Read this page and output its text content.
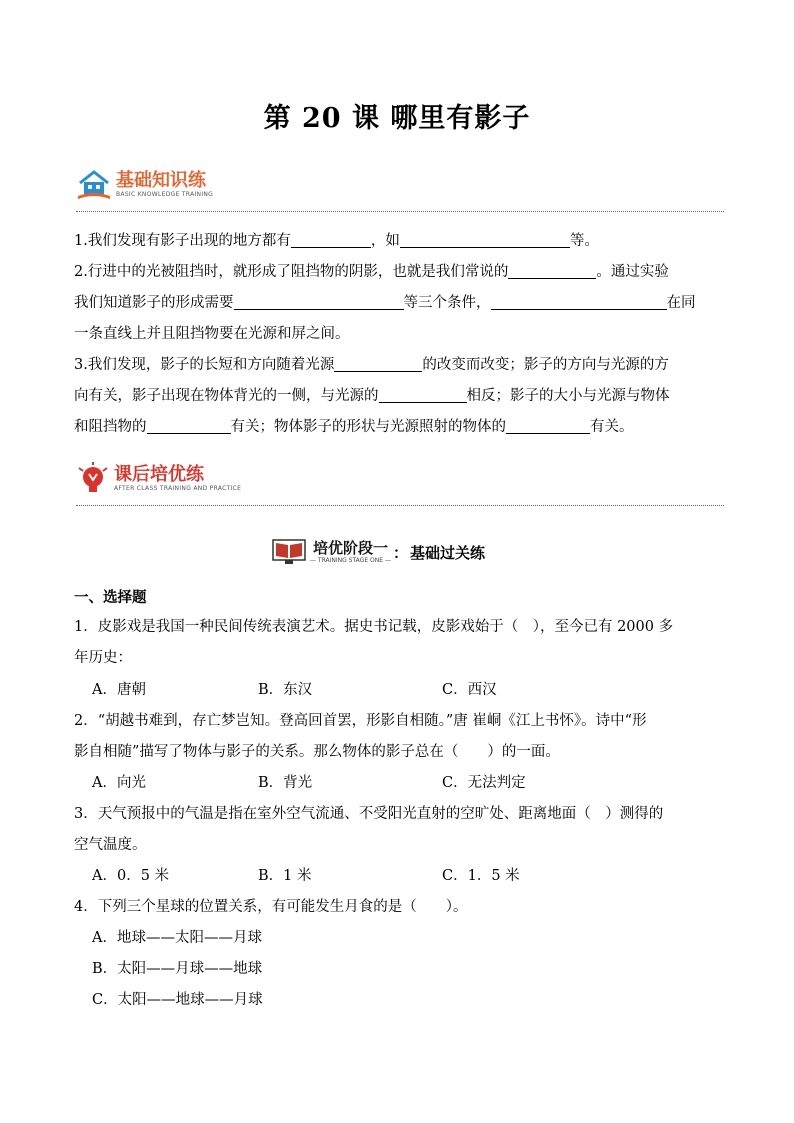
第 20 课 哪里有影子
基础知识练
BASIC KNOWLEDGE TRAINING
1.我们发现有影子出现的地方都有	，如	等。
2.行进中的光被阻挡时，就形成了阻挡物的阴影，也就是我们常说的	。通过实验
我们知道影子的形成需要	等三个条件，	在同
一条直线上并且阻挡物要在光源和屏之间。
3.我们发现，影子的长短和方向随着光源	的改变而改变；影子的方向与光源的方
向有关，影子出现在物体背光的一侧，与光源的	相反；影子的大小与光源与物体
和阻挡物的	有关；物体影子的形状与光源照射的物体的	有关。
课后培优练
AFTER CLASS TRAINING AND PRACTICE
培优阶段一
— TRAINING STAGE ONE — ： 基础过关练
一、选择题
1．皮影戏是我国一种民间传统表演艺术。据史书记载，皮影戏始于（　），至今已有 2000 多
年历史：
A．唐朝	B．东汉	C．西汉
2．“胡越书难到，存亡梦岂知。登高回首罢，形影自相随。”唐 崔峒《江上书怀》。诗中“形
影自相随”描写了物体与影子的关系。那么物体的影子总在（　　）的一面。
A．向光	B．背光	C．无法判定
3．天气预报中的气温是指在室外空气流通、不受阳光直射的空旷处、距离地面（　）测得的
空气温度。
A．0．5 米	B．1 米	C．1．5 米
4．下列三个星球的位置关系，有可能发生月食的是（　　）。
A．地球——太阳——月球
B．太阳——月球——地球
C．太阳——地球——月球
